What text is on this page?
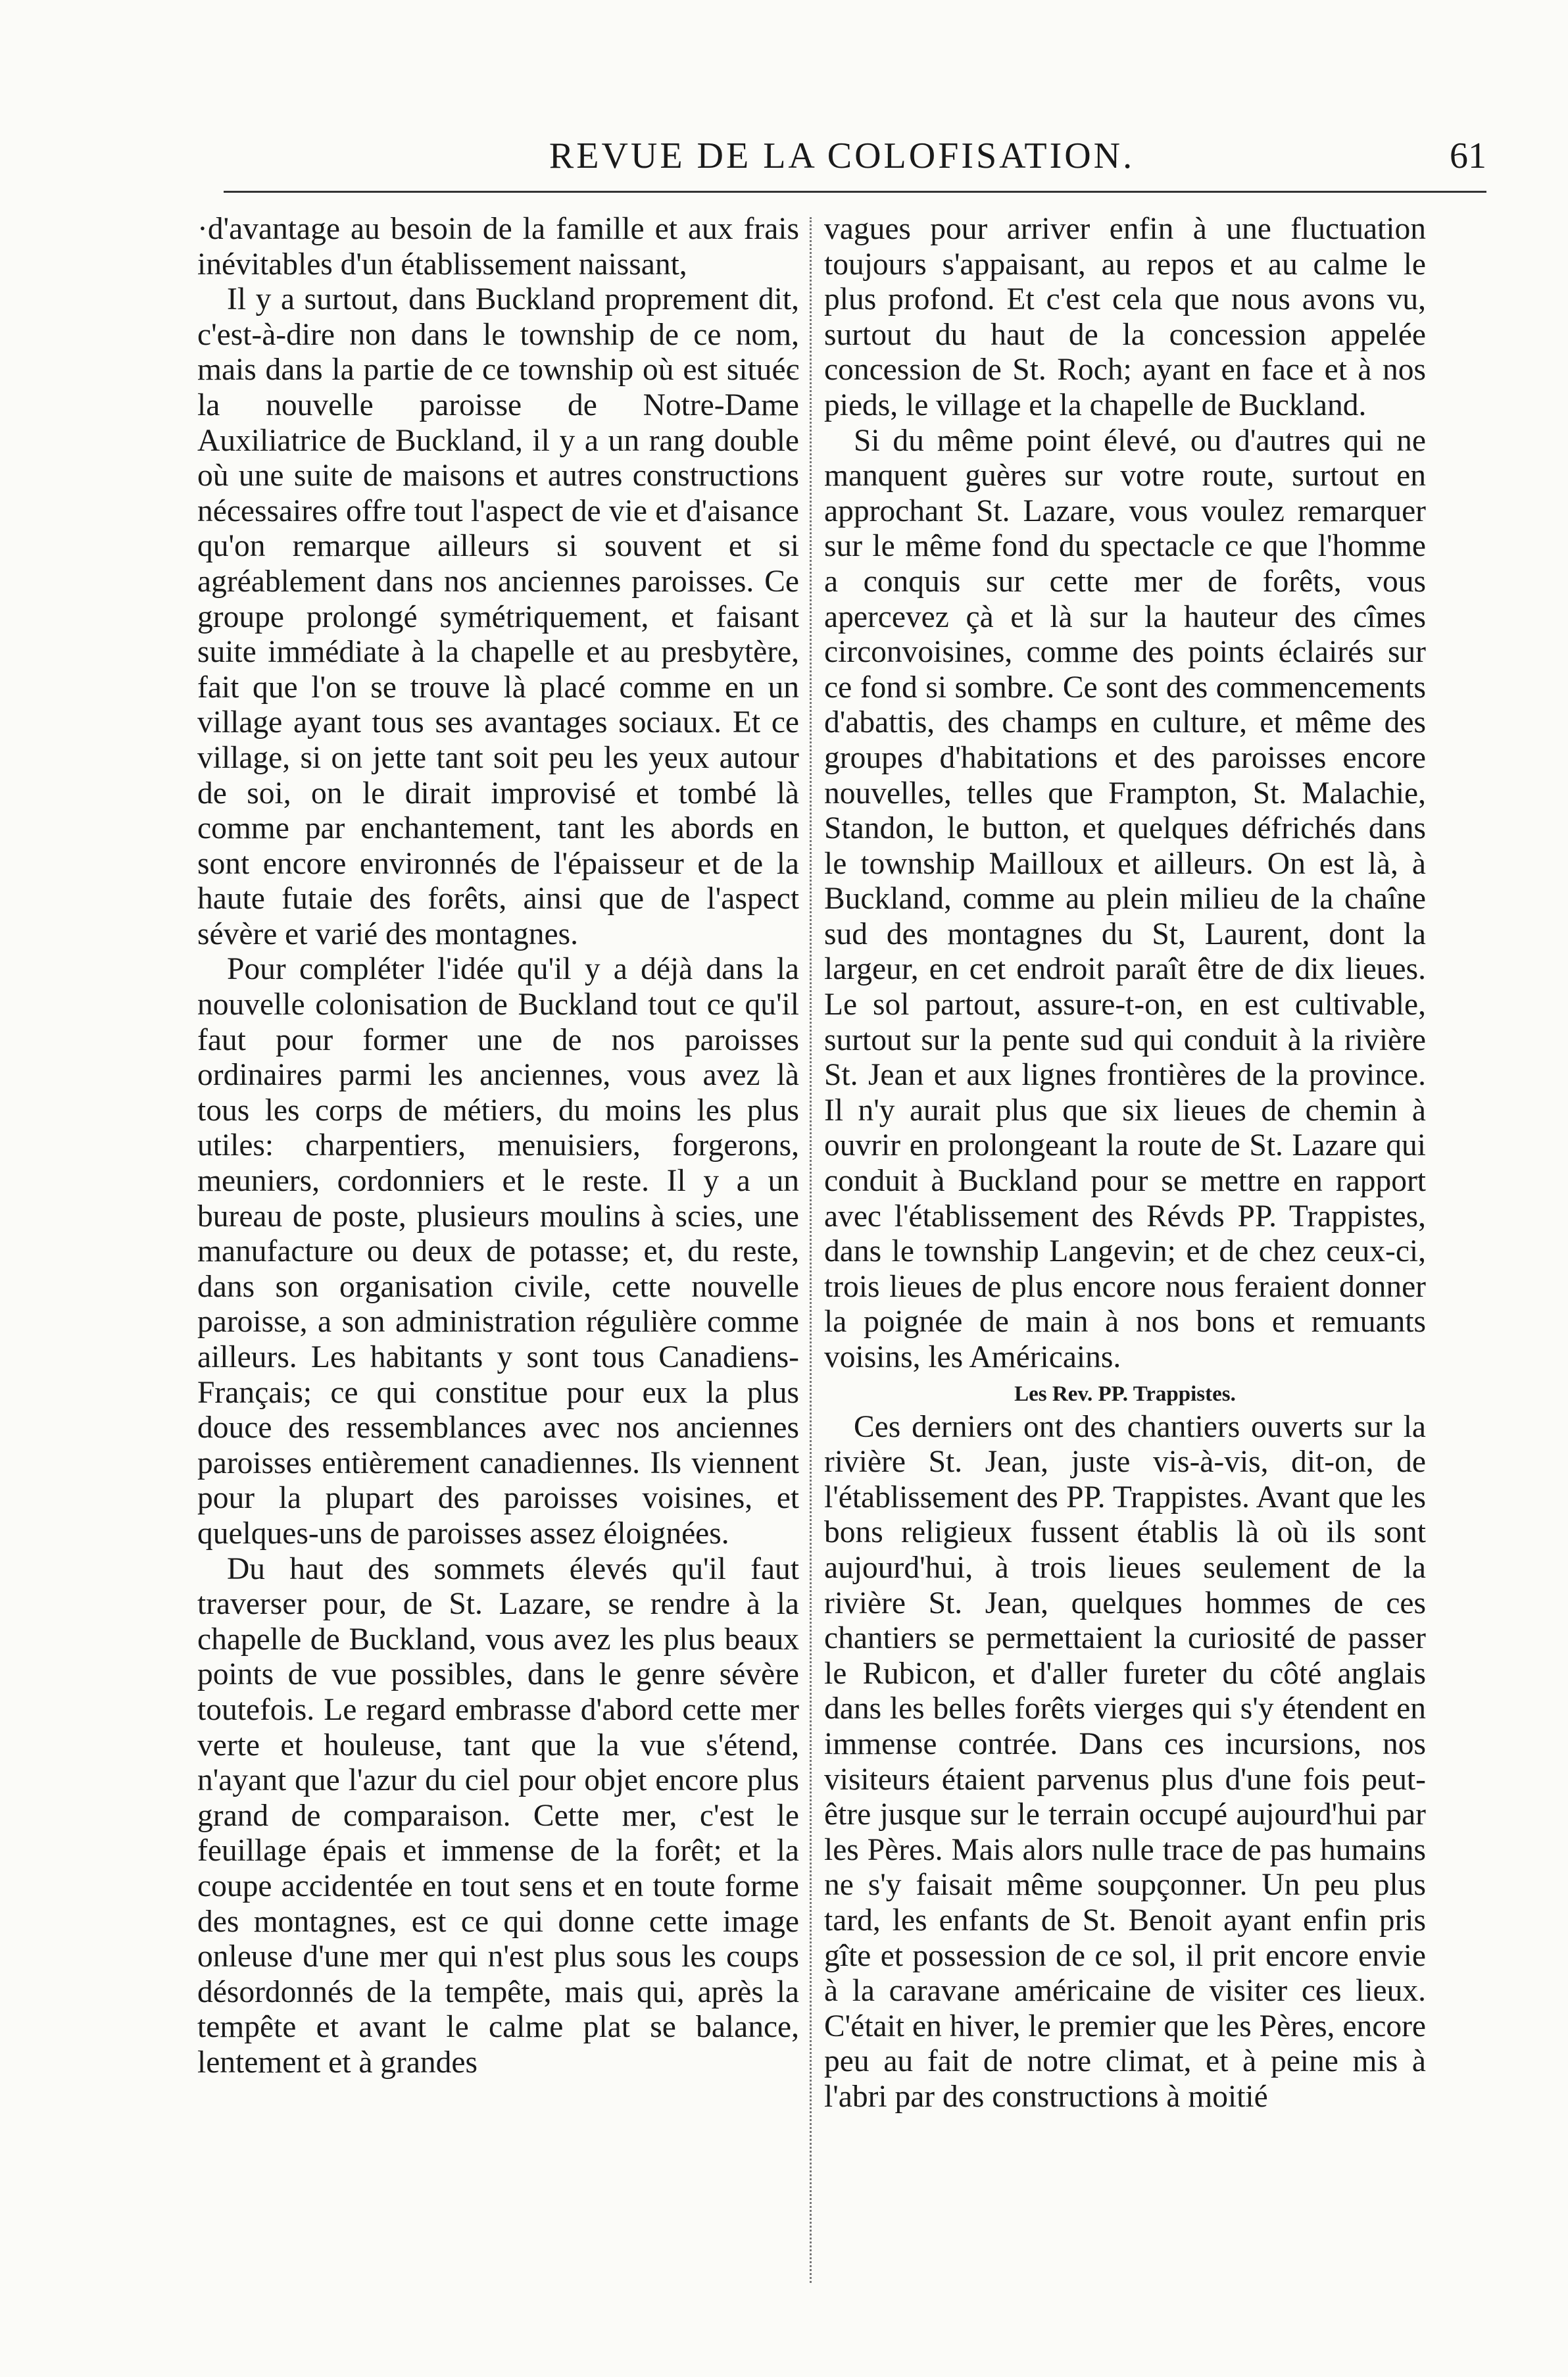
REVUE DE LA COLOFISATION.	61

·d'avantage au besoin de la famille et aux frais inévitables d'un établissement naissant,

Il y a surtout, dans Buckland proprement dit, c'est-à-dire non dans le township de ce nom, mais dans la partie de ce township où est situéє la nouvelle paroisse de Notre-Dame Auxiliatrice de Buckland, il y a un rang double où une suite de maisons et autres constructions nécessaires offre tout l'aspect de vie et d'aisance qu'on remarque ailleurs si souvent et si agréablement dans nos anciennes paroisses. Ce groupe prolongé symétriquement, et faisant suite immédiate à la chapelle et au presbytère, fait que l'on se trouve là placé comme en un village ayant tous ses avantages sociaux. Et ce village, si on jette tant soit peu les yeux autour de soi, on le dirait improvisé et tombé là comme par enchantement, tant les abords en sont encore environnés de l'épaisseur et de la haute futaie des forêts, ainsi que de l'aspect sévère et varié des montagnes.

Pour compléter l'idée qu'il y a déjà dans la nouvelle colonisation de Buckland tout ce qu'il faut pour former une de nos paroisses ordinaires parmi les anciennes, vous avez là tous les corps de métiers, du moins les plus utiles: charpentiers, menuisiers, forgerons, meuniers, cordonniers et le reste. Il y a un bureau de poste, plusieurs moulins à scies, une manufacture ou deux de potasse; et, du reste, dans son organisation civile, cette nouvelle paroisse, a son administration régulière comme ailleurs. Les habitants y sont tous Canadiens-Français; ce qui constitue pour eux la plus douce des ressemblances avec nos anciennes paroisses entièrement canadiennes. Ils viennent pour la plupart des paroisses voisines, et quelques-uns de paroisses assez éloignées.

Du haut des sommets élevés qu'il faut traverser pour, de St. Lazare, se rendre à la chapelle de Buckland, vous avez les plus beaux points de vue possibles, dans le genre sévère toutefois. Le regard embrasse d'abord cette mer verte et houleuse, tant que la vue s'étend, n'ayant que l'azur du ciel pour objet encore plus grand de comparaison. Cette mer, c'est le feuillage épais et immense de la forêt; et la coupe accidentée en tout sens et en toute forme des montagnes, est ce qui donne cette image onleuse d'une mer qui n'est plus sous les coups désordonnés de la tempête, mais qui, après la tempête et avant le calme plat se balance, lentement et à grandes

vagues pour arriver enfin à une fluctuation toujours s'appaisant, au repos et au calme le plus profond. Et c'est cela que nous avons vu, surtout du haut de la concession appelée concession de St. Roch; ayant en face et à nos pieds, le village et la chapelle de Buckland.

Si du même point élevé, ou d'autres qui ne manquent guères sur votre route, surtout en approchant St. Lazare, vous voulez remarquer sur le même fond du spectacle ce que l'homme a conquis sur cette mer de forêts, vous apercevez çà et là sur la hauteur des cîmes circonvoisines, comme des points éclairés sur ce fond si sombre. Ce sont des commencements d'abattis, des champs en culture, et même des groupes d'habitations et des paroisses encore nouvelles, telles que Frampton, St. Malachie, Standon, le button, et quelques défrichés dans le township Mailloux et ailleurs. On est là, à Buckland, comme au plein milieu de la chaîne sud des montagnes du St, Laurent, dont la largeur, en cet endroit paraît être de dix lieues. Le sol partout, assure-t-on, en est cultivable, surtout sur la pente sud qui conduit à la rivière St. Jean et aux lignes frontières de la province. Il n'y aurait plus que six lieues de chemin à ouvrir en prolongeant la route de St. Lazare qui conduit à Buckland pour se mettre en rapport avec l'établissement des Révds PP. Trappistes, dans le township Langevin; et de chez ceux-ci, trois lieues de plus encore nous feraient donner la poignée de main à nos bons et remuants voisins, les Américains.

Les Rev. PP. Trappistes.

Ces derniers ont des chantiers ouverts sur la rivière St. Jean, juste vis-à-vis, dit-on, de l'établissement des PP. Trappistes. Avant que les bons religieux fussent établis là où ils sont aujourd'hui, à trois lieues seulement de la rivière St. Jean, quelques hommes de ces chantiers se permettaient la curiosité de passer le Rubicon, et d'aller fureter du côté anglais dans les belles forêts vierges qui s'y étendent en immense contrée. Dans ces incursions, nos visiteurs étaient parvenus plus d'une fois peut-être jusque sur le terrain occupé aujourd'hui par les Pères. Mais alors nulle trace de pas humains ne s'y faisait même soupçonner. Un peu plus tard, les enfants de St. Benoit ayant enfin pris gîte et possession de ce sol, il prit encore envie à la caravane américaine de visiter ces lieux. C'était en hiver, le premier que les Pères, encore peu au fait de notre climat, et à peine mis à l'abri par des constructions à moitié
